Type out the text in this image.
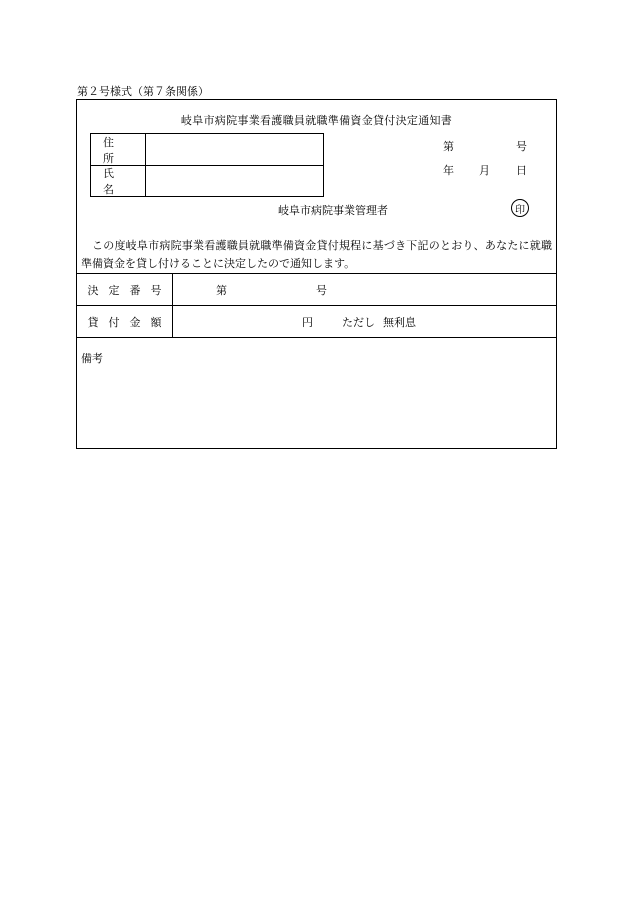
第２号様式（第７条関係）
岐阜市病院事業看護職員就職準備資金貸付決定通知書
住所
氏名
第	号
年 月 日
岐阜市病院事業管理者	印
この度岐阜市病院事業看護職員就職準備資金貸付規程に基づき下記のとおり、あなたに就職準備資金を貸し付けることに決定したので通知します。
決定番号	第	号
貸付金額	円	ただし 無利息
備考
